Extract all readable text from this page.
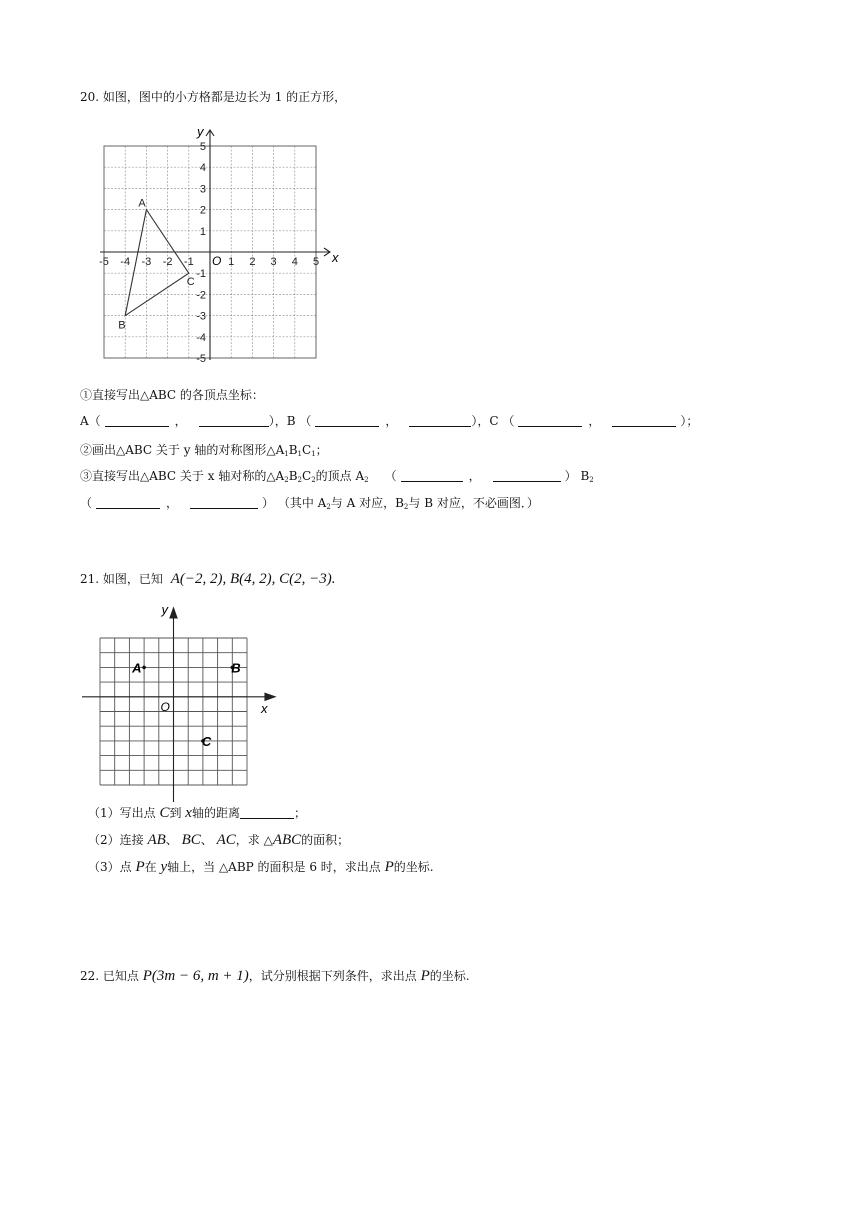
20. 如图，图中的小方格都是边长为 1 的正方形，
-5 -4 -3 -2 -1	1 2 3 4 5
5
4
3
2
1
-1
-2
-3
-4
-5
A
B
C
x
y
O
①直接写出△ABC 的各顶点坐标：
A（	，	），B （	，	），C （	，	）；
②画出△ABC 关于 y 轴的对称图形$\triangle A_1B_1C_1$；
③直接写出△ABC 关于 x 轴对称的$\triangle A_2B_2C_2$的顶点 $A_2$ （	，	） $B_2$
（	，	） （其中 $A_2$与 A 对应，$B_2$与 B 对应，不必画图．）
21. 如图，已知 A(−2, 2), B(4, 2), C(2, −3).
y
x
O
A	B
C
（1）写出点 C到 x轴的距离	；
（2）连接 AB、 BC、 AC，求 △ABC的面积；
（3）点 P在 y轴上，当 △ABP 的面积是 6 时，求出点 P的坐标.
22. 已知点 P(3m − 6, m + 1)，试分别根据下列条件，求出点 P的坐标.
